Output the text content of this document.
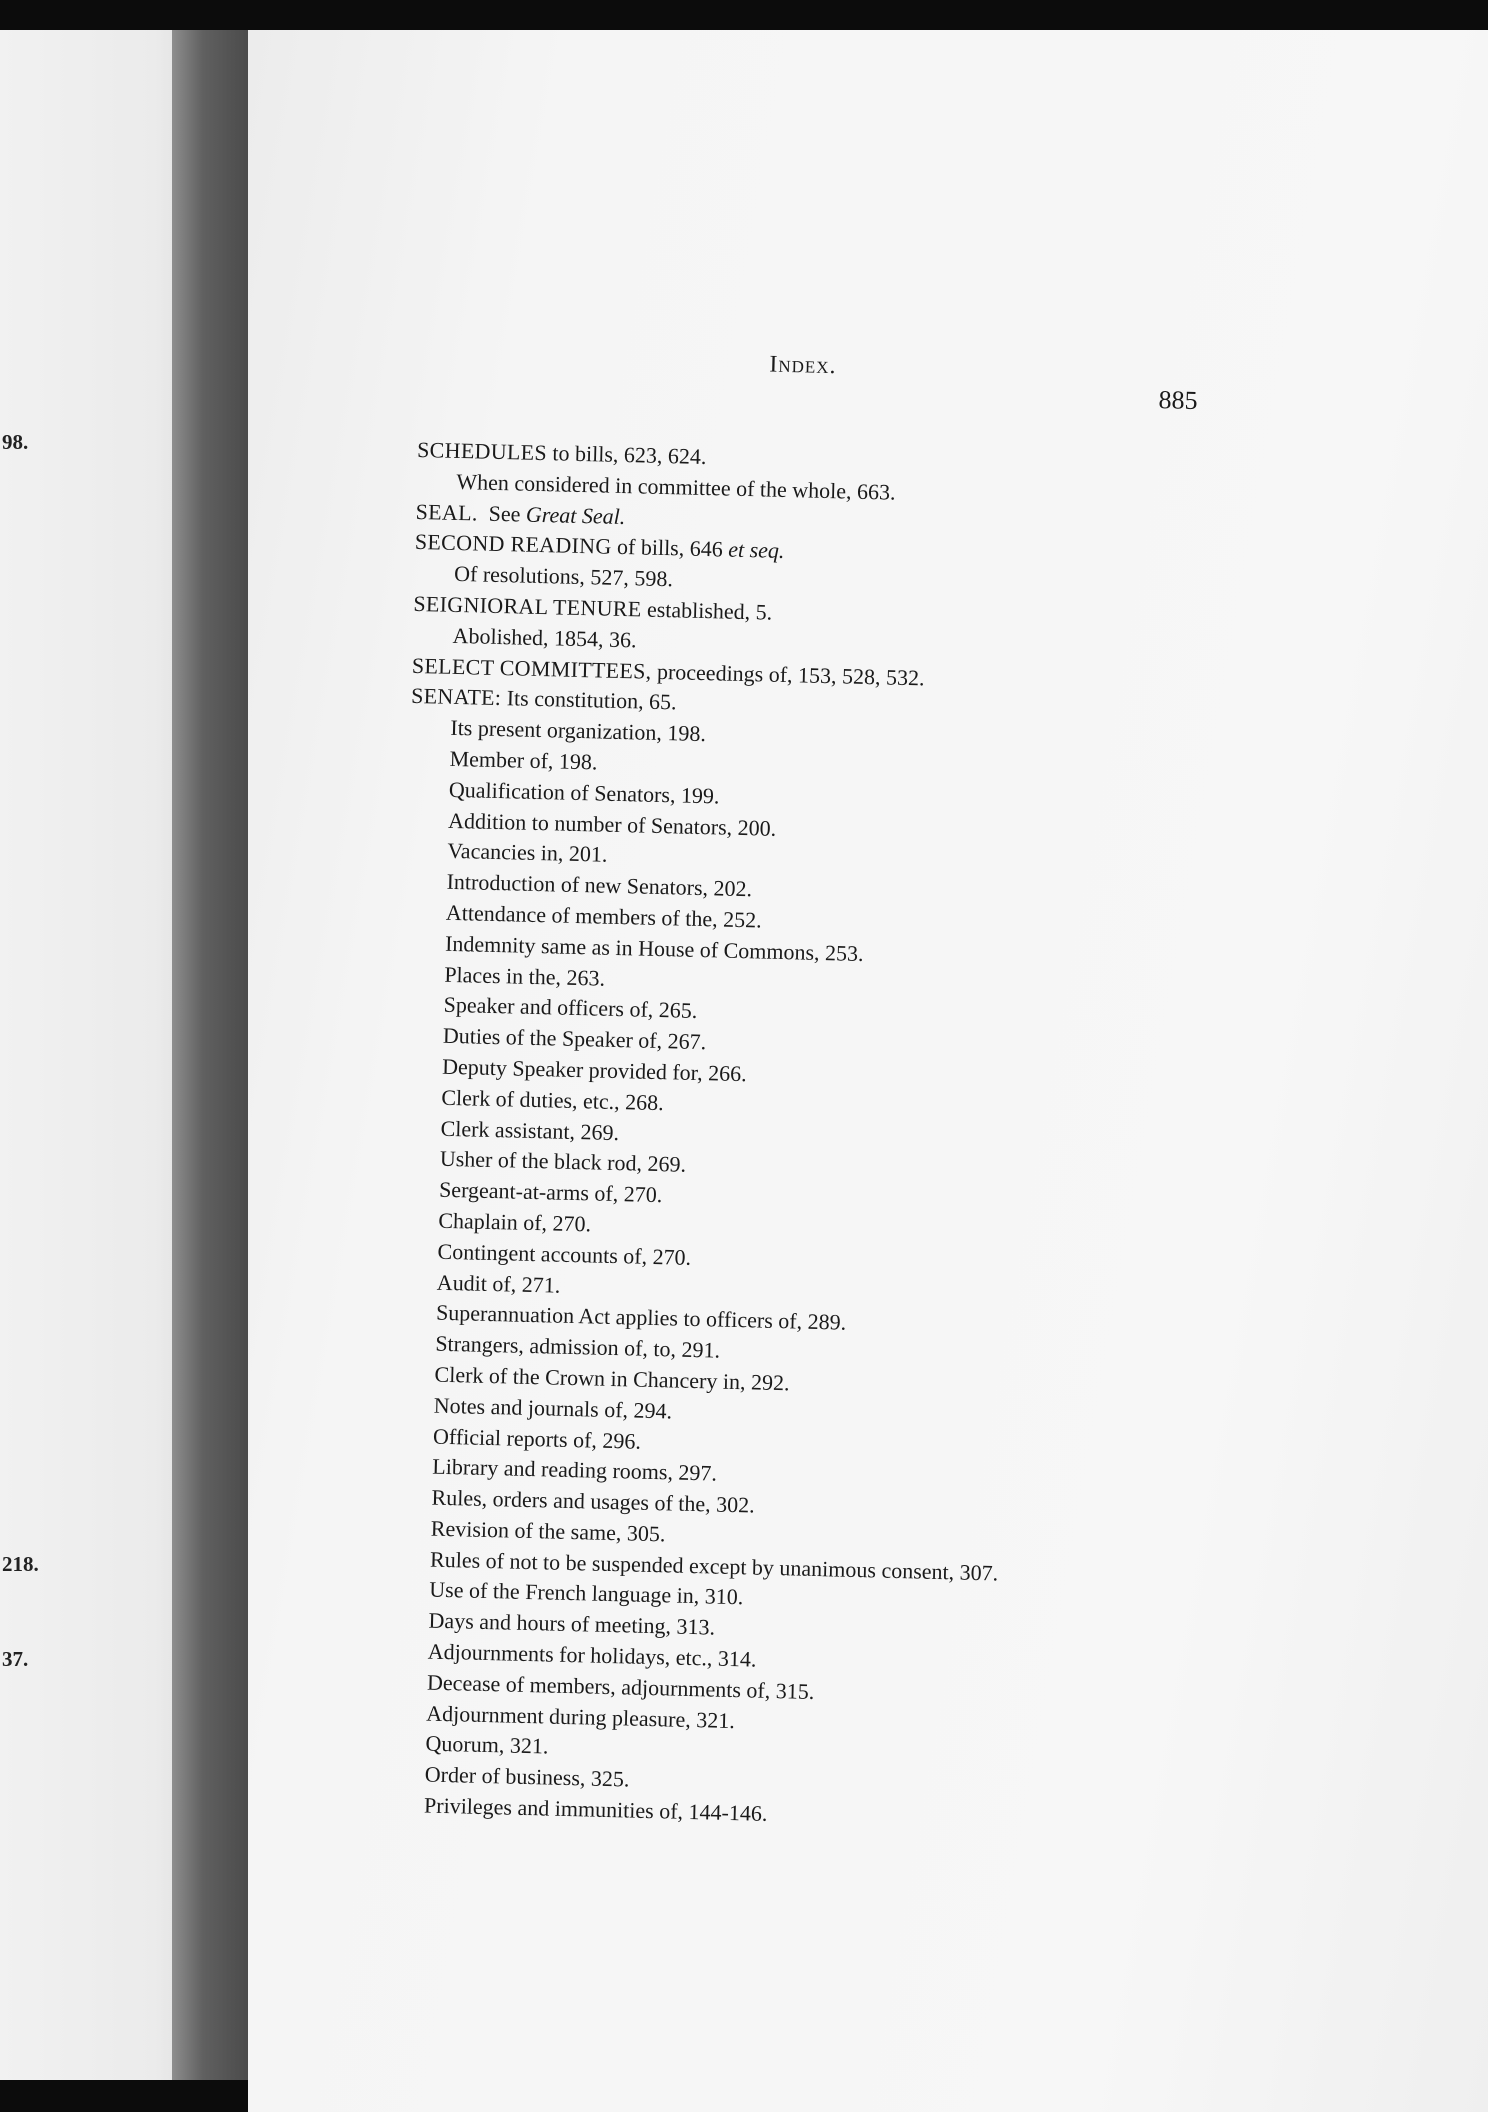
98.
218.
37.
Index.
885
SCHEDULES to bills, 623, 624.
When considered in committee of the whole, 663.
SEAL.  See Great Seal.
SECOND READING of bills, 646 et seq.
Of resolutions, 527, 598.
SEIGNIORAL TENURE established, 5.
Abolished, 1854, 36.
SELECT COMMITTEES, proceedings of, 153, 528, 532.
SENATE: Its constitution, 65.
Its present organization, 198.
Member of, 198.
Qualification of Senators, 199.
Addition to number of Senators, 200.
Vacancies in, 201.
Introduction of new Senators, 202.
Attendance of members of the, 252.
Indemnity same as in House of Commons, 253.
Places in the, 263.
Speaker and officers of, 265.
Duties of the Speaker of, 267.
Deputy Speaker provided for, 266.
Clerk of duties, etc., 268.
Clerk assistant, 269.
Usher of the black rod, 269.
Sergeant-at-arms of, 270.
Chaplain of, 270.
Contingent accounts of, 270.
Audit of, 271.
Superannuation Act applies to officers of, 289.
Strangers, admission of, to, 291.
Clerk of the Crown in Chancery in, 292.
Notes and journals of, 294.
Official reports of, 296.
Library and reading rooms, 297.
Rules, orders and usages of the, 302.
Revision of the same, 305.
Rules of not to be suspended except by unanimous consent, 307.
Use of the French language in, 310.
Days and hours of meeting, 313.
Adjournments for holidays, etc., 314.
Decease of members, adjournments of, 315.
Adjournment during pleasure, 321.
Quorum, 321.
Order of business, 325.
Privileges and immunities of, 144-146.
